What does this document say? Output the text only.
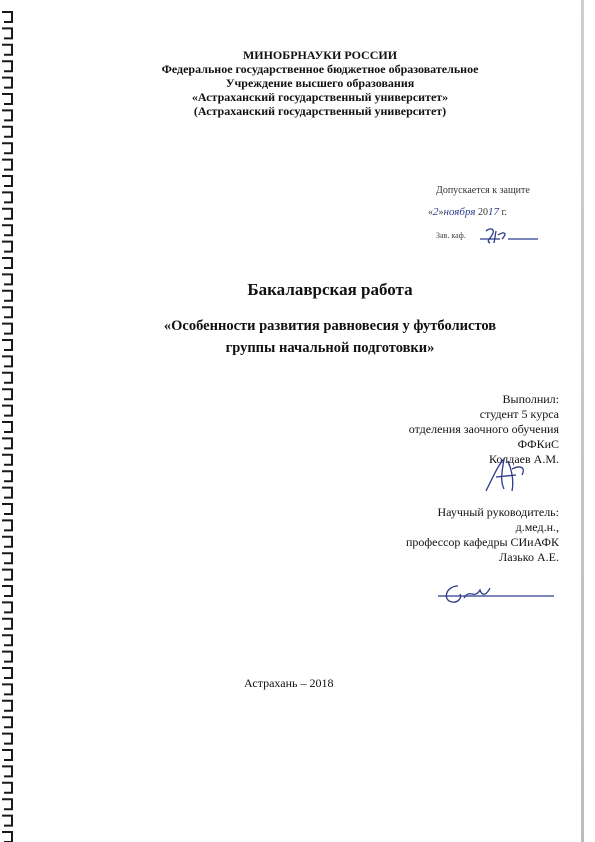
МИНОБРНАУКИ РОССИИ
Федеральное государственное бюджетное образовательное
Учреждение высшего образования
«Астраханский государственный университет»
(Астраханский государственный университет)
Допускается к защите
«2»ноября 2017 г.
Зав. каф.
Бакалаврская работа
«Особенности развития равновесия у футболистов
группы начальной подготовки»
Выполнил:
студент 5 курса
отделения заочного обучения
ФФКиС
Колдаев А.М.
Научный руководитель:
д.мед.н.,
профессор кафедры СИиАФК
Лазько А.Е.
Астрахань – 2018
